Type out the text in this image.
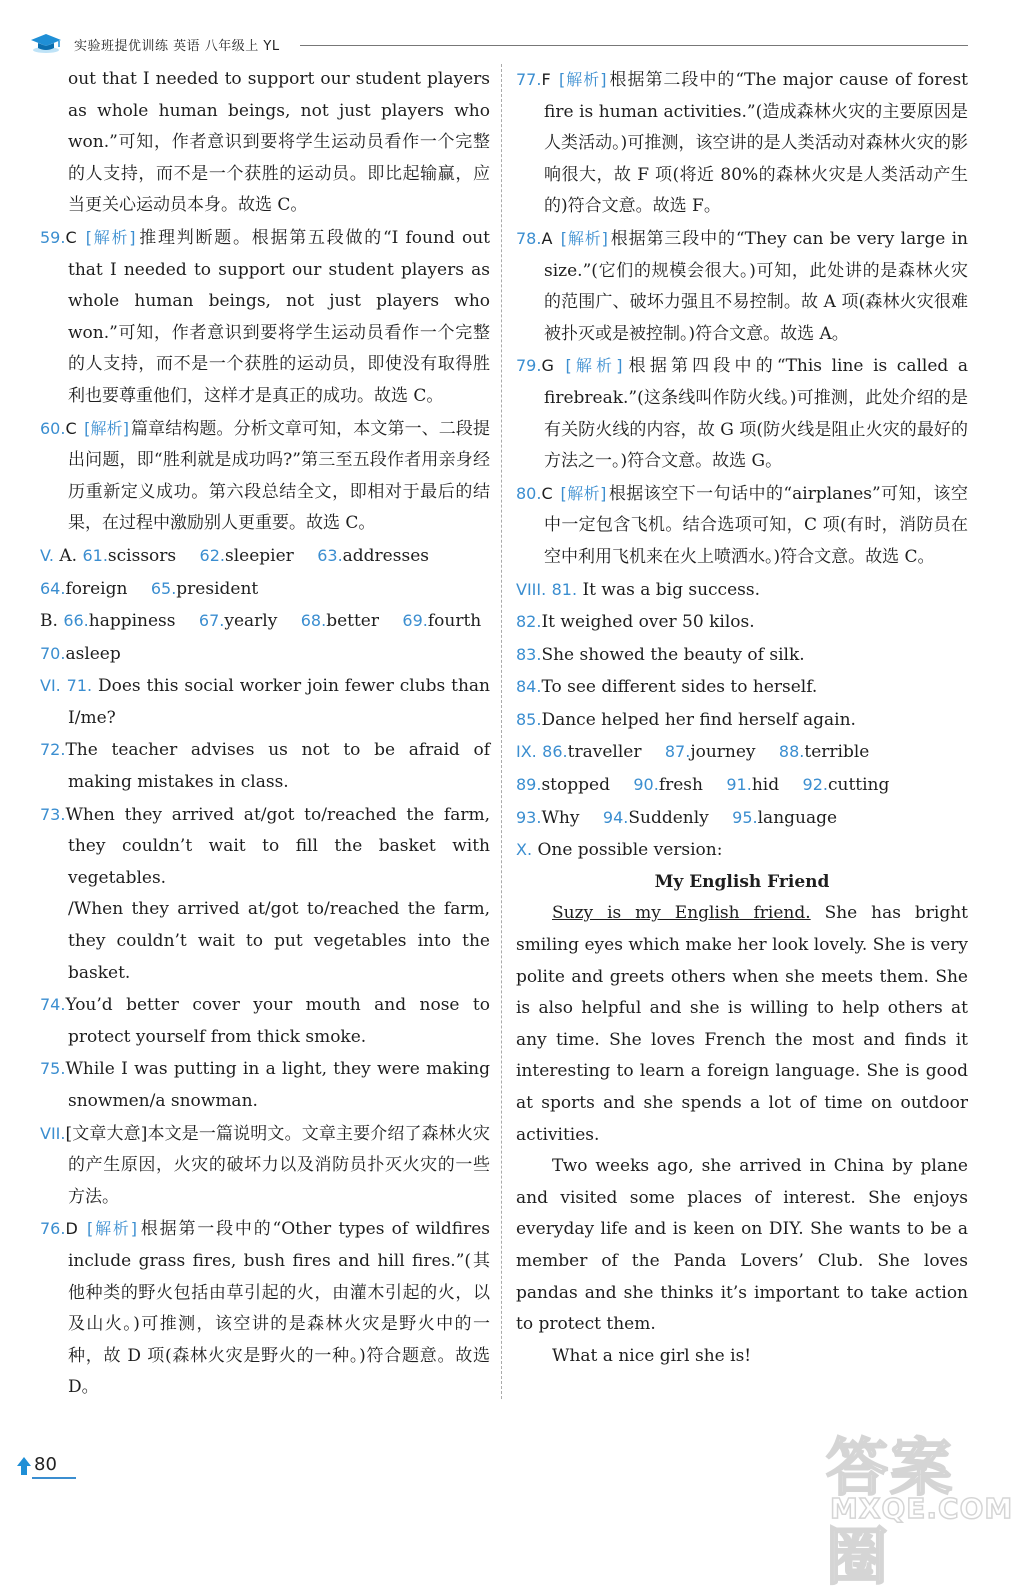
实验班提优训练 英语 八年级上 YL
out that I needed to support our student players as whole human beings, not just players who won.”可知，作者意识到要将学生运动员看作一个完整的人支持，而不是一个获胜的运动员。即比起输赢，应当更关心运动员本身。故选 C。
59.C [解析] 推理判断题。根据第五段做的“I found out that I needed to support our student players as whole human beings, not just players who won.”可知，作者意识到要将学生运动员看作一个完整的人支持，而不是一个获胜的运动员，即使没有取得胜利也要尊重他们，这样才是真正的成功。故选 C。
60.C [解析] 篇章结构题。分析文章可知，本文第一、二段提出问题，即“胜利就是成功吗?”第三至五段作者用亲身经历重新定义成功。第六段总结全文，即相对于最后的结果，在过程中激励别人更重要。故选 C。
V. A. 61.scissors 62.sleepier 63.addresses
64.foreign 65.president
B. 66.happiness 67.yearly 68.better 69.fourth
70.asleep
VI. 71. Does this social worker join fewer clubs than I/me?
72.The teacher advises us not to be afraid of making mistakes in class.
73.When they arrived at/got to/reached the farm, they couldn’t wait to fill the basket with vegetables.
/When they arrived at/got to/reached the farm, they couldn’t wait to put vegetables into the basket.
74.You’d better cover your mouth and nose to protect yourself from thick smoke.
75.While I was putting in a light, they were making snowmen/a snowman.
VII.[文章大意]本文是一篇说明文。文章主要介绍了森林火灾的产生原因，火灾的破坏力以及消防员扑灭火灾的一些方法。
76.D [解析] 根据第一段中的“Other types of wildfires include grass fires, bush fires and hill fires.”(其他种类的野火包括由草引起的火，由灌木引起的火，以及山火。)可推测，该空讲的是森林火灾是野火中的一种，故 D 项(森林火灾是野火的一种。)符合题意。故选 D。
77.F [解析] 根据第二段中的“The major cause of forest fire is human activities.”(造成森林火灾的主要原因是人类活动。)可推测，该空讲的是人类活动对森林火灾的影响很大，故 F 项(将近 80%的森林火灾是人类活动产生的)符合文意。故选 F。
78.A [解析] 根据第三段中的“They can be very large in size.”(它们的规模会很大。)可知，此处讲的是森林火灾的范围广、破坏力强且不易控制。故 A 项(森林火灾很难被扑灭或是被控制。)符合文意。故选 A。
79.G [解析] 根据第四段中的“This line is called a firebreak.”(这条线叫作防火线。)可推测，此处介绍的是有关防火线的内容，故 G 项(防火线是阻止火灾的最好的方法之一。)符合文意。故选 G。
80.C [解析] 根据该空下一句话中的“airplanes”可知，该空中一定包含飞机。结合选项可知，C 项(有时，消防员在空中利用飞机来在火上喷洒水。)符合文意。故选 C。
VIII. 81. It was a big success.
82.It weighed over 50 kilos.
83.She showed the beauty of silk.
84.To see different sides to herself.
85.Dance helped her find herself again.
IX. 86.traveller 87.journey 88.terrible
89.stopped 90.fresh 91.hid 92.cutting
93.Why 94.Suddenly 95.language
X. One possible version:
My English Friend
Suzy is my English friend. She has bright smiling eyes which make her look lovely. She is very polite and greets others when she meets them. She is also helpful and she is willing to help others at any time. She loves French the most and finds it interesting to learn a foreign language. She is good at sports and she spends a lot of time on outdoor activities.
Two weeks ago, she arrived in China by plane and visited some places of interest. She enjoys everyday life and is keen on DIY. She wants to be a member of the Panda Lovers’ Club. She loves pandas and she thinks it’s important to take action to protect them.
What a nice girl she is!
80	答案圈
MXQE.COM
